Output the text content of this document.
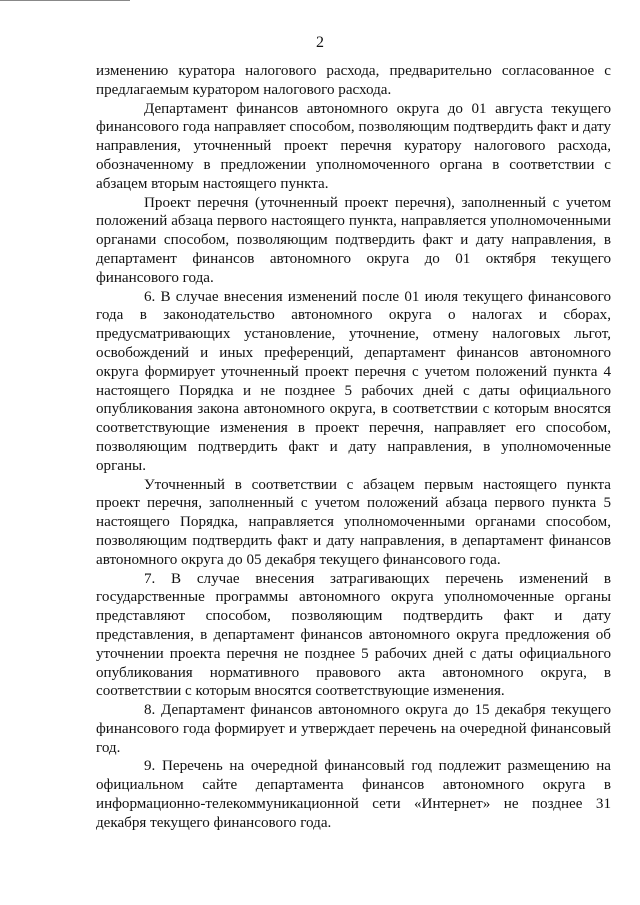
2

изменению куратора налогового расхода, предварительно согласованное с предлагаемым куратором налогового расхода.

Департамент финансов автономного округа до 01 августа текущего финансового года направляет способом, позволяющим подтвердить факт и дату направления, уточненный проект перечня куратору налогового расхода, обозначенному в предложении уполномоченного органа в соответствии с абзацем вторым настоящего пункта.

Проект перечня (уточненный проект перечня), заполненный с учетом положений абзаца первого настоящего пункта, направляется уполномоченными органами способом, позволяющим подтвердить факт и дату направления, в департамент финансов автономного округа до 01 октября текущего финансового года.

6. В случае внесения изменений после 01 июля текущего финансового года в законодательство автономного округа о налогах и сборах, предусматривающих установление, уточнение, отмену налоговых льгот, освобождений и иных преференций, департамент финансов автономного округа формирует уточненный проект перечня с учетом положений пункта 4 настоящего Порядка и не позднее 5 рабочих дней с даты официального опубликования закона автономного округа, в соответствии с которым вносятся соответствующие изменения в проект перечня, направляет его способом, позволяющим подтвердить факт и дату направления, в уполномоченные органы.

Уточненный в соответствии с абзацем первым настоящего пункта проект перечня, заполненный с учетом положений абзаца первого пункта 5 настоящего Порядка, направляется уполномоченными органами способом, позволяющим подтвердить факт и дату направления, в департамент финансов автономного округа до 05 декабря текущего финансового года.

7. В случае внесения затрагивающих перечень изменений в государственные программы автономного округа уполномоченные органы представляют способом, позволяющим подтвердить факт и дату представления, в департамент финансов автономного округа предложения об уточнении проекта перечня не позднее 5 рабочих дней с даты официального опубликования нормативного правового акта автономного округа, в соответствии с которым вносятся соответствующие изменения.

8. Департамент финансов автономного округа до 15 декабря текущего финансового года формирует и утверждает перечень на очередной финансовый год.

9. Перечень на очередной финансовый год подлежит размещению на официальном сайте департамента финансов автономного округа в информационно-телекоммуникационной сети «Интернет» не позднее 31 декабря текущего финансового года.
